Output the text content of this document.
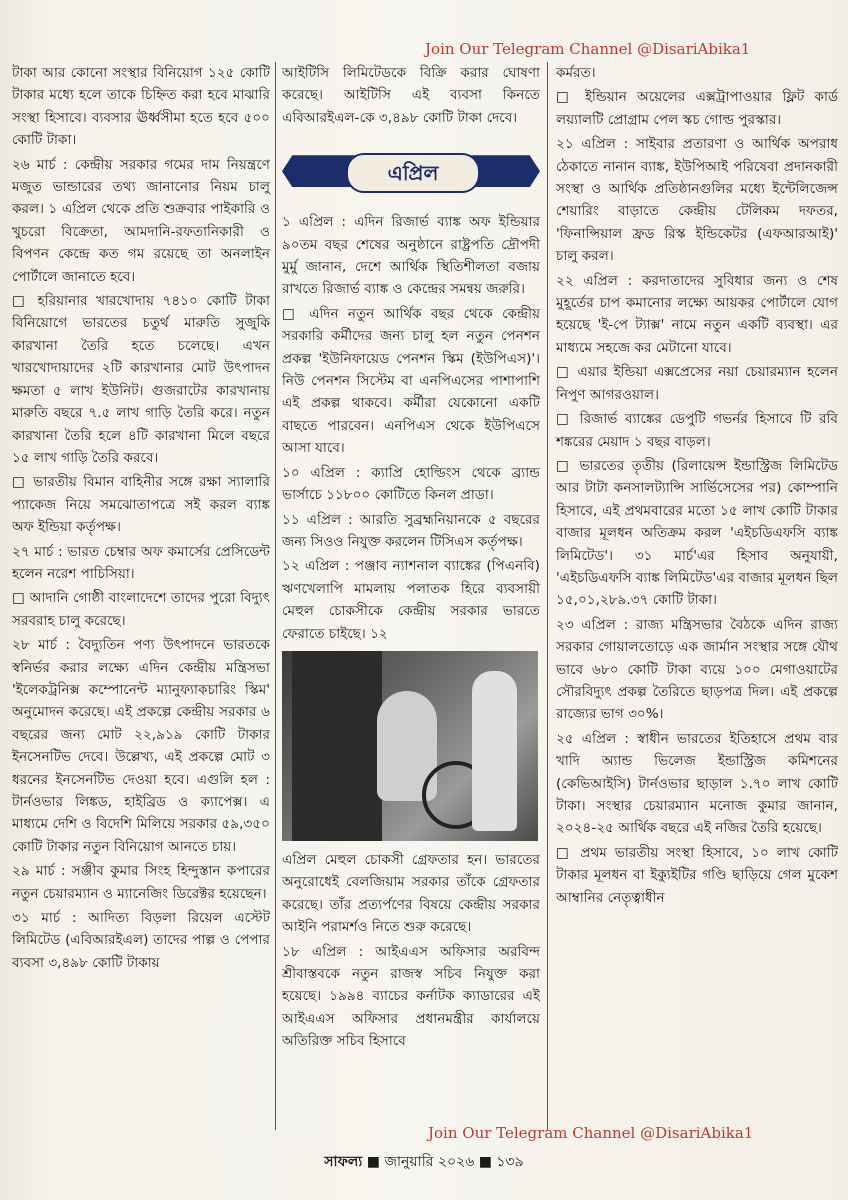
Join Our Telegram Channel @DisariAbika1

টাকা আর কোনো সংস্থার বিনিয়োগ ১২৫ কোটি টাকার মধ্যে হলে তাকে চিহ্নিত করা হবে মাঝারি সংস্থা হিসাবে। ব্যবসার ঊর্ধ্বসীমা হতে হবে ৫০০ কোটি টাকা।

২৬ মার্চ : কেন্দ্রীয় সরকার গমের দাম নিয়ন্ত্রণে মজুত ভান্ডারের তথ্য জানানোর নিয়ম চালু করল। ১ এপ্রিল থেকে প্রতি শুক্রবার পাইকারি ও খুচরো বিক্রেতা, আমদানি-রফতানিকারী ও বিপণন কেন্দ্রে কত গম রয়েছে তা অনলাইন পোর্টালে জানাতে হবে।

□ হরিয়ানার খারখোদায় ৭৪১০ কোটি টাকা বিনিয়োগে ভারতের চতুর্থ মারুতি সুজুকি কারখানা তৈরি হতে চলেছে। এখন খারখোদায়াদের ২টি কারখানার মোট উৎপাদন ক্ষমতা ৫ লাখ ইউনিট। গুজরাটের কারখানায় মারুতি বছরে ৭.৫ লাখ গাড়ি তৈরি করে। নতুন কারখানা তৈরি হলে ৪টি কারখানা মিলে বছরে ১৫ লাখ গাড়ি তৈরি করবে।

□ ভারতীয় বিমান বাহিনীর সঙ্গে রক্ষা স্যালারি প্যাকেজ নিয়ে সমঝোতাপত্রে সই করল ব্যাঙ্ক অফ ইন্ডিয়া কর্তৃপক্ষ।

২৭ মার্চ : ভারত চেম্বার অফ কমার্সের প্রেসিডেন্ট হলেন নরেশ পাচিসিয়া।

□ আদানি গোষ্ঠী বাংলাদেশে তাদের পুরো বিদ্যুৎ সরবরাহ চালু করেছে।

২৮ মার্চ : বৈদ্যুতিন পণ্য উৎপাদনে ভারতকে স্বনির্ভর করার লক্ষ্যে এদিন কেন্দ্রীয় মন্ত্রিসভা 'ইলেকট্রনিক্স কম্পোনেন্ট ম্যানুফ্যাকচারিং স্কিম' অনুমোদন করেছে। এই প্রকল্পে কেন্দ্রীয় সরকার ৬ বছরের জন্য মোট ২২,৯১৯ কোটি টাকার ইনসেনটিভ দেবে। উল্লেখ্য, এই প্রকল্পে মোট ৩ ধরনের ইনসেনটিভ দেওয়া হবে। এগুলি হল : টার্নওভার লিঙ্কড, হাইব্রিড ও ক্যাপেক্স। এ মাধ্যমে দেশি ও বিদেশি মিলিয়ে সরকার ৫৯,৩৫০ কোটি টাকার নতুন বিনিয়োগ আনতে চায়।

২৯ মার্চ : সঞ্জীব কুমার সিংহ হিন্দুস্তান কপারের নতুন চেয়ারম্যান ও ম্যানেজিং ডিরেক্টর হয়েছেন।

৩১ মার্চ : আদিত্য বিড়লা রিয়েল এস্টেট লিমিটেড (এবিআরইএল) তাদের পাল্প ও পেপার ব্যবসা ৩,৪৯৮ কোটি টাকায়

আইটিসি লিমিটেডকে বিক্রি করার ঘোষণা করেছে। আইটিসি এই ব্যবসা কিনতে এবিআরইএল-কে ৩,৪৯৮ কোটি টাকা দেবে।

এপ্রিল

১ এপ্রিল : এদিন রিজার্ভ ব্যাঙ্ক অফ ইন্ডিয়ার ৯০তম বছর শেষের অনুষ্ঠানে রাষ্ট্রপতি দ্রৌপদী মুর্মু জানান, দেশে আর্থিক স্থিতিশীলতা বজায় রাখতে রিজার্ভ ব্যাঙ্ক ও কেন্দ্রের সমন্বয় জরুরি।

□ এদিন নতুন আর্থিক বছর থেকে কেন্দ্রীয় সরকারি কর্মীদের জন্য চালু হল নতুন পেনশন প্রকল্প 'ইউনিফায়েড পেনশন স্কিম (ইউপিএস)'। নিউ পেনশন সিস্টেম বা এনপিএসের পাশাপাশি এই প্রকল্প থাকবে। কর্মীরা যেকোনো একটি বাছতে পারবেন। এনপিএস থেকে ইউপিএসে আসা যাবে।

১০ এপ্রিল : ক্যাপ্রি হোল্ডিংস থেকে ব্র্যান্ড ভার্সাচে ১১৮০০ কোটিতে কিনল প্রাডা।

১১ এপ্রিল : আরতি সুব্রহ্মনিয়ানকে ৫ বছরের জন্য সিওও নিযুক্ত করলেন টিসিএস কর্তৃপক্ষ।

১২ এপ্রিল : পঞ্জাব ন্যাশনাল ব্যাঙ্কের (পিএনবি) ঋণখেলাপি মামলায় পলাতক হিরে ব্যবসায়ী মেহুল চোকসীকে কেন্দ্রীয় সরকার ভারতে ফেরাতে চাইছে। ১২

এপ্রিল মেহুল চোকসী গ্রেফতার হন। ভারতের অনুরোধেই বেলজিয়াম সরকার তাঁকে গ্রেফতার করেছে। তাঁর প্রত্যর্পণের বিষয়ে কেন্দ্রীয় সরকার আইনি পরামর্শও নিতে শুরু করেছে।

১৮ এপ্রিল : আইএএস অফিসার অরবিন্দ শ্রীবাস্তবকে নতুন রাজস্ব সচিব নিযুক্ত করা হয়েছে। ১৯৯৪ ব্যাচের কর্নাটক ক্যাডারের এই আইএএস অফিসার প্রধানমন্ত্রীর কার্যালয়ে অতিরিক্ত সচিব হিসাবে

কর্মরত।

□ ইন্ডিয়ান অয়েলের এক্সট্রাপাওয়ার ফ্লিট কার্ড লয়্যালটি প্রোগ্রাম পেল স্কচ গোল্ড পুরস্কার।

২১ এপ্রিল : সাইবার প্রতারণা ও আর্থিক অপরাধ ঠেকাতে নানান ব্যাঙ্ক, ইউপিআই পরিষেবা প্রদানকারী সংস্থা ও আর্থিক প্রতিষ্ঠানগুলির মধ্যে ইন্টেলিজেন্স শেয়ারিং বাড়াতে কেন্দ্রীয় টেলিকম দফতর, 'ফিনান্সিয়াল ফ্রড রিস্ক ইন্ডিকেটর (এফআরআই)' চালু করল।

২২ এপ্রিল : করদাতাদের সুবিধার জন্য ও শেষ মুহূর্তের চাপ কমানোর লক্ষ্যে আয়কর পোর্টালে যোগ হয়েছে 'ই-পে ট্যাক্স' নামে নতুন একটি ব্যবস্থা। এর মাধ্যমে সহজে কর মেটানো যাবে।

□ এয়ার ইন্ডিয়া এক্সপ্রেসের নয়া চেয়ারম্যান হলেন নিপুণ আগরওয়াল।

□ রিজার্ভ ব্যাঙ্কের ডেপুটি গভর্নর হিসাবে টি রবি শঙ্করের মেয়াদ ১ বছর বাড়ল।

□ ভারতের তৃতীয় (রিলায়েন্স ইন্ডাস্ট্রিজ লিমিটেড আর টাটা কনসালট্যান্সি সার্ভিসেসের পর) কোম্পানি হিসাবে, এই প্রথমবারের মতো ১৫ লাখ কোটি টাকার বাজার মূলধন অতিক্রম করল 'এইচডিএফসি ব্যাঙ্ক লিমিটেড'। ৩১ মার্চ'এর হিসাব অনুযায়ী, 'এইচডিএফসি ব্যাঙ্ক লিমিটেড'এর বাজার মূলধন ছিল ১৫,০১,২৮৯.৩৭ কোটি টাকা।

২৩ এপ্রিল : রাজ্য মন্ত্রিসভার বৈঠকে এদিন রাজ্য সরকার গোয়ালতোড়ে এক জার্মান সংস্থার সঙ্গে যৌথ ভাবে ৬৮০ কোটি টাকা ব্যয়ে ১০০ মেগাওয়াটের সৌরবিদ্যুৎ প্রকল্প তৈরিতে ছাড়পত্র দিল। এই প্রকল্পে রাজ্যের ভাগ ৩০%।

২৫ এপ্রিল : স্বাধীন ভারতের ইতিহাসে প্রথম বার খাদি অ্যান্ড ভিলেজ ইন্ডাস্ট্রিজ কমিশনের (কেভিআইসি) টার্নওভার ছাড়াল ১.৭০ লাখ কোটি টাকা। সংস্থার চেয়ারম্যান মনোজ কুমার জানান, ২০২৪-২৫ আর্থিক বছরে এই নজির তৈরি হয়েছে।

□ প্রথম ভারতীয় সংস্থা হিসাবে, ১০ লাখ কোটি টাকার মূলধন বা ইক্যুইটির গণ্ডি ছাড়িয়ে গেল মুকেশ আম্বানির নেতৃত্বাধীন

Join Our Telegram Channel @DisariAbika1
সাফল্য ■ জানুয়ারি ২০২৬ ■ ১৩৯
